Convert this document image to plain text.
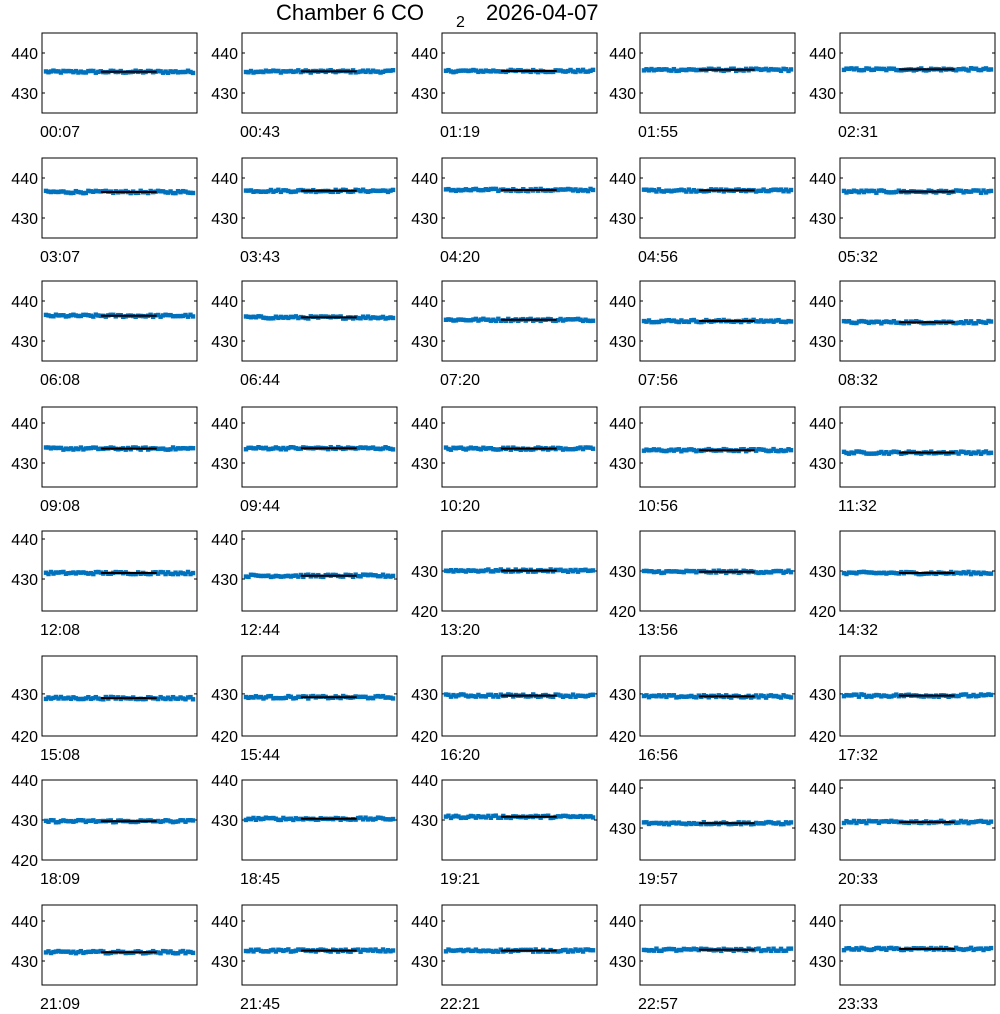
Chamber 6 CO 2 2026-04-07
430
440
00:07
430
440
00:43
430
440
01:19
430
440
01:55
430
440
02:31
430
440
03:07
430
440
03:43
430
440
04:20
430
440
04:56
430
440
05:32
430
440
06:08
430
440
06:44
430
440
07:20
430
440
07:56
430
440
08:32
430
440
09:08
430
440
09:44
430
440
10:20
430
440
10:56
430
440
11:32
430
440
12:08
430
440
12:44
420
430
13:20
420
430
13:56
420
430
14:32
420
430
15:08
420
430
15:44
420
430
16:20
420
430
16:56
420
430
17:32
420
430
440
18:09
430
440
18:45
430
440
19:21
430
440
19:57
430
440
20:33
430
440
21:09
430
440
21:45
430
440
22:21
430
440
22:57
430
440
23:33
